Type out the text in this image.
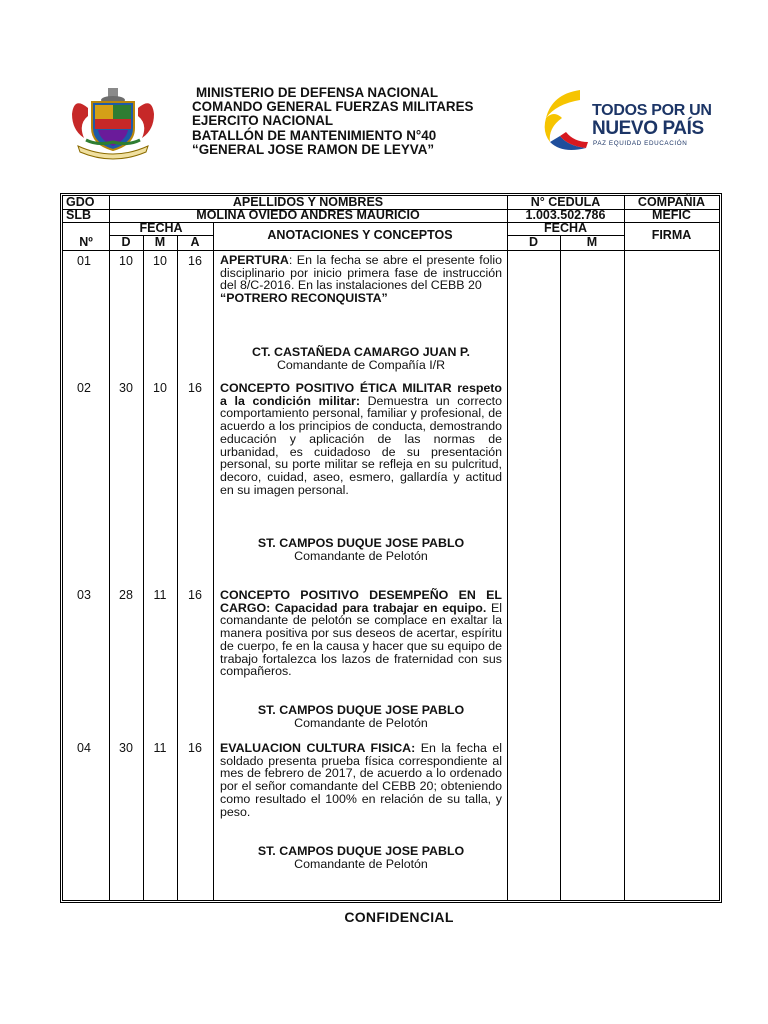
MINISTERIO DE DEFENSA NACIONAL
COMANDO GENERAL FUERZAS MILITARES
EJERCITO NACIONAL
BATALLÓN DE MANTENIMIENTO N°40
“GENERAL JOSE RAMON DE LEYVA”
TODOS POR UN
NUEVO PAÍS
PAZ EQUIDAD EDUCACIÓN
GDO	APELLIDOS Y NOMBRES	N° CEDULA	COMPAÑIA
SLB	MOLINA OVIEDO ANDRES MAURICIO	1.003.502.786	MEFIC
FECHA
Nº	D	M	A	ANOTACIONES Y CONCEPTOS	FECHA
D	M	FIRMA
01	10	10	16	APERTURA: En la fecha se abre el presente folio disciplinario por inicio primera fase de instrucción del 8/C-2016. En las instalaciones del CEBB 20
“POTRERO RECONQUISTA”
CT. CASTAÑEDA CAMARGO JUAN P.
Comandante de Compañía I/R
02	30	10	16	CONCEPTO POSITIVO ÉTICA MILITAR respeto a la condición militar: Demuestra un correcto comportamiento personal, familiar y profesional, de acuerdo a los principios de conducta, demostrando educación y aplicación de las normas de urbanidad, es cuidadoso de su presentación personal, su porte militar se refleja en su pulcritud, decoro, cuidad, aseo, esmero, gallardía y actitud en su imagen personal.
ST. CAMPOS DUQUE JOSE PABLO
Comandante de Pelotón
03	28	11	16	CONCEPTO POSITIVO DESEMPEÑO EN EL CARGO: Capacidad para trabajar en equipo. El comandante de pelotón se complace en exaltar la manera positiva por sus deseos de acertar, espíritu de cuerpo, fe en la causa y hacer que su equipo de trabajo fortalezca los lazos de fraternidad con sus compañeros.
ST. CAMPOS DUQUE JOSE PABLO
Comandante de Pelotón
04	30	11	16	EVALUACION CULTURA FISICA: En la fecha el soldado presenta prueba física correspondiente al mes de febrero de 2017, de acuerdo a lo ordenado por el señor comandante del CEBB 20; obteniendo como resultado el 100% en relación de su talla, y peso.
ST. CAMPOS DUQUE JOSE PABLO
Comandante de Pelotón
CONFIDENCIAL
